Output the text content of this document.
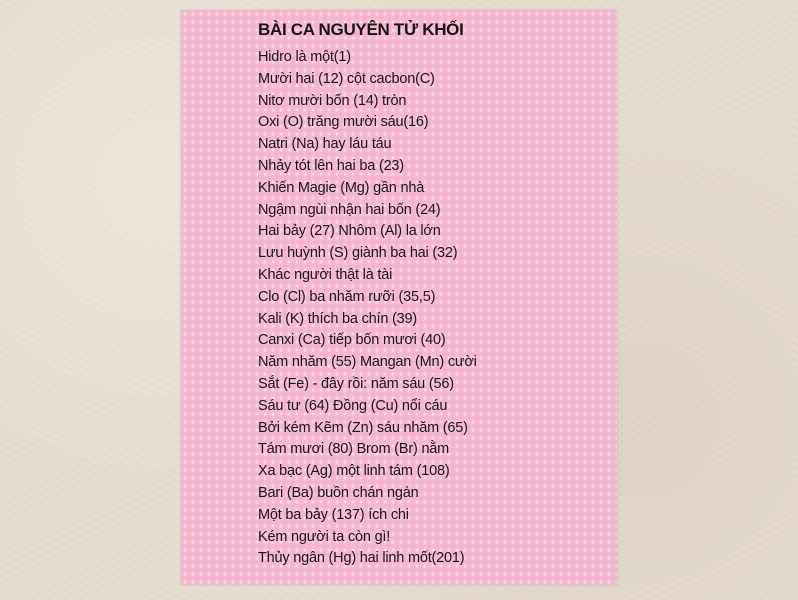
BÀI CA NGUYÊN TỬ KHỐI
Hidro là một(1)
Mười hai (12) cột cacbon(C)
Nitơ mười bốn (14) tròn
Oxi (O) trăng mười sáu(16)
Natri (Na) hay láu táu
Nhảy tót lên hai ba (23)
Khiến Magie (Mg) gần nhà
Ngậm ngùi nhận hai bốn (24)
Hai bảy (27) Nhôm (Al) la lớn
Lưu huỳnh (S) giành ba hai (32)
Khác người thật là tài
Clo (Cl) ba nhăm rưỡi (35,5)
Kali (K) thích ba chín (39)
Canxi (Ca) tiếp bốn mươi (40)
Năm nhăm (55) Mangan (Mn) cười
Sắt (Fe) - đây rồi: năm sáu (56)
Sáu tư (64) Đồng (Cu) nổi cáu
Bởi kém Kẽm (Zn) sáu nhăm (65)
Tám mươi (80) Brom (Br) nằm
Xa bạc (Ag) một linh tám (108)
Bari (Ba) buồn chán ngán
Một ba bảy (137) ích chi
Kém người ta còn gì!
Thủy ngân (Hg) hai linh mốt(201)
